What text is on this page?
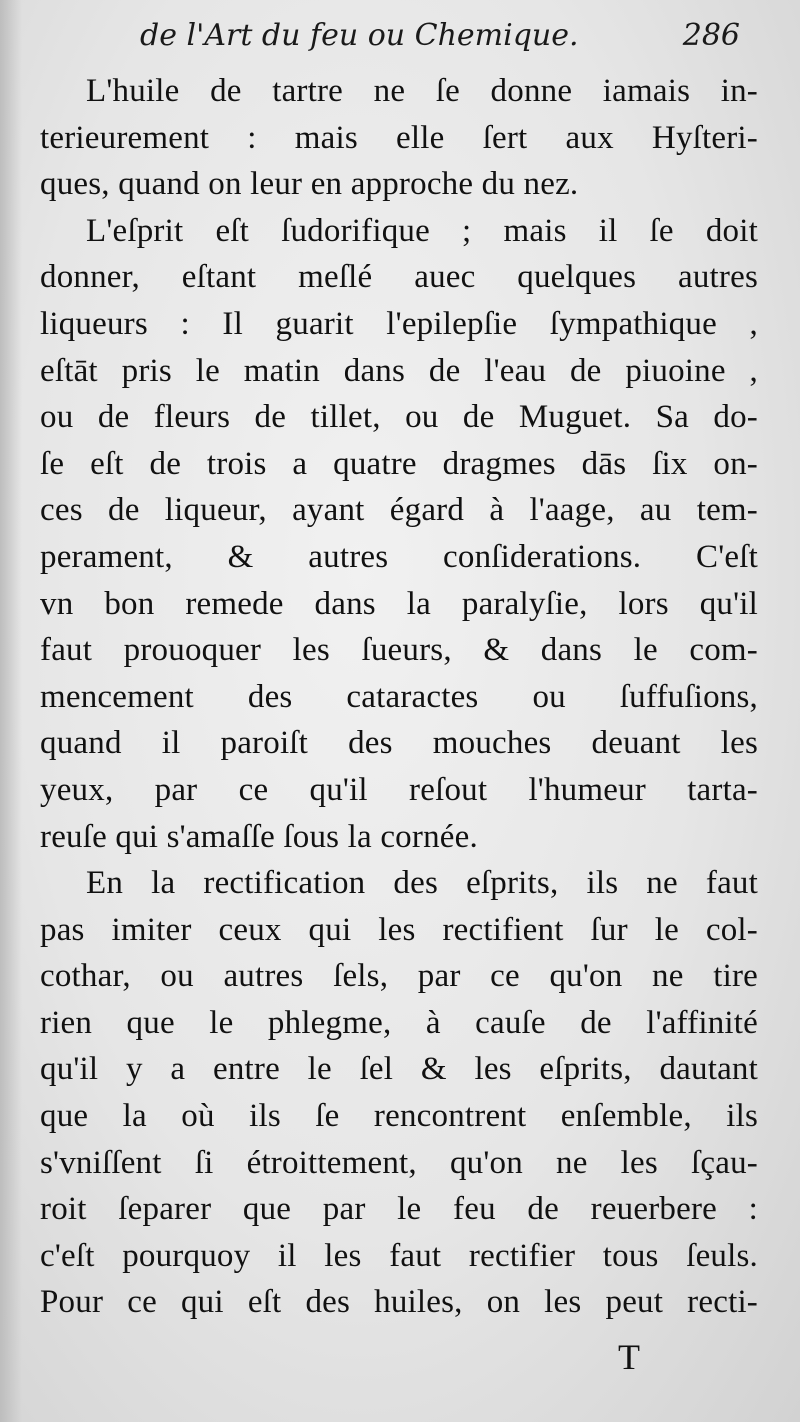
de l'Art du feu ou Chemique.	286
L'huile de tartre ne ſe donne iamais in-
terieurement : mais elle ſert aux Hyſteri-
ques, quand on leur en approche du nez.
L'eſprit eſt ſudorifique ; mais il ſe doit
donner, eſtant meſlé auec quelques autres
liqueurs : Il guarit l'epilepſie ſympathique ,
eſtāt pris le matin dans de l'eau de piuoine ,
ou de fleurs de tillet, ou de Muguet. Sa do-
ſe eſt de trois a quatre dragmes dās ſix on-
ces de liqueur, ayant égard à l'aage, au tem-
perament, & autres conſiderations. C'eſt
vn bon remede dans la paralyſie, lors qu'il
faut prouoquer les ſueurs, & dans le com-
mencement des cataractes ou ſuffuſions,
quand il paroiſt des mouches deuant les
yeux, par ce qu'il reſout l'humeur tarta-
reuſe qui s'amaſſe ſous la cornée.
En la rectification des eſprits, ils ne faut
pas imiter ceux qui les rectifient ſur le col-
cothar, ou autres ſels, par ce qu'on ne tire
rien que le phlegme, à cauſe de l'affinité
qu'il y a entre le ſel & les eſprits, dautant
que la où ils ſe rencontrent enſemble, ils
s'vniſſent ſi étroittement, qu'on ne les ſçau-
roit ſeparer que par le feu de reuerbere :
c'eſt pourquoy il les faut rectifier tous ſeuls.
Pour ce qui eſt des huiles, on les peut recti-
T
